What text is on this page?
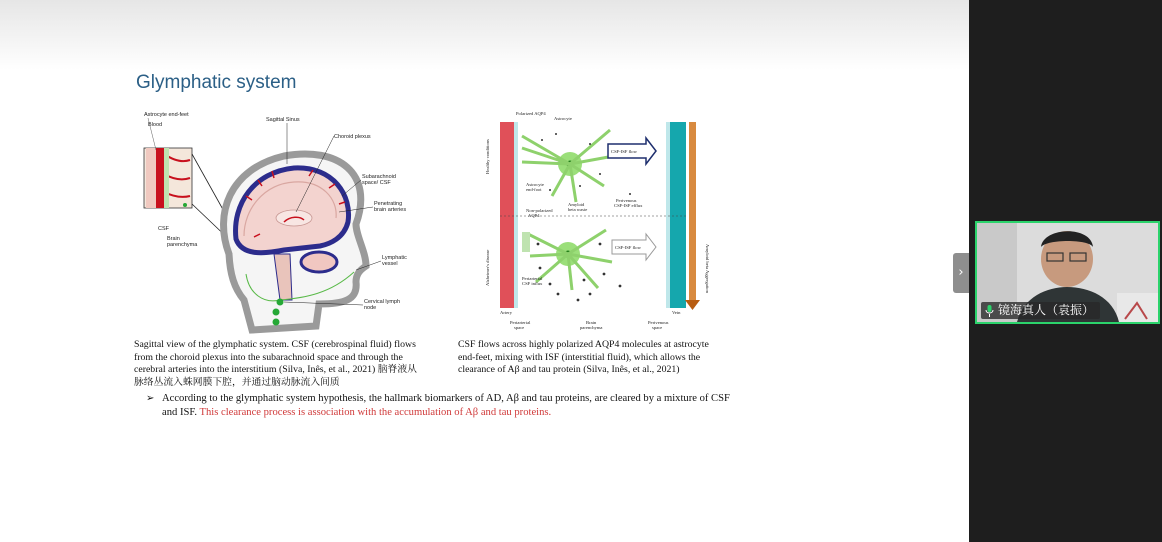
Glymphatic system
Astrocyte end-feet
Blood
CSF
Brain
parenchyma
Sagittal Sinus
Choroid plexus
Subarachnoid
space/ CSF
Penetrating
brain arteries
Lymphatic
vessel
Cervical lymph
node
CSF-ISF flow
CSF-ISF flow
Healthy conditions
Alzheimer's disease	Amyloid beta Aggregation
Polarized AQP4
Astrocyte
Astrocyte
end-foot
Amyloid
beta waste
Perivenous
CSF-ISF efflux
Non-polarized
AQP4
Periarterial
CSF influx
Artery	Vein
Periarterial
space
Brain
parenchyma
Perivenous
space
Sagittal view of the glymphatic system. CSF (cerebrospinal fluid) flows
from the choroid plexus into the subarachnoid space and through the
cerebral arteries into the interstitium (Silva, Inês, et al., 2021) 脑脊液从
脉络丛流入蛛网膜下腔，并通过脑动脉流入间质
CSF flows across highly polarized AQP4 molecules at astrocyte
end-feet, mixing with ISF (interstitial fluid), which allows the
clearance of Aβ and tau protein (Silva, Inês, et al., 2021)
➢ According to the glymphatic system hypothesis, the hallmark biomarkers of AD, Aβ and tau proteins, are cleared by a mixture of CSF and ISF. This clearance process is association with the accumulation of Aβ and tau proteins.
›
镜海真人（袁振）
